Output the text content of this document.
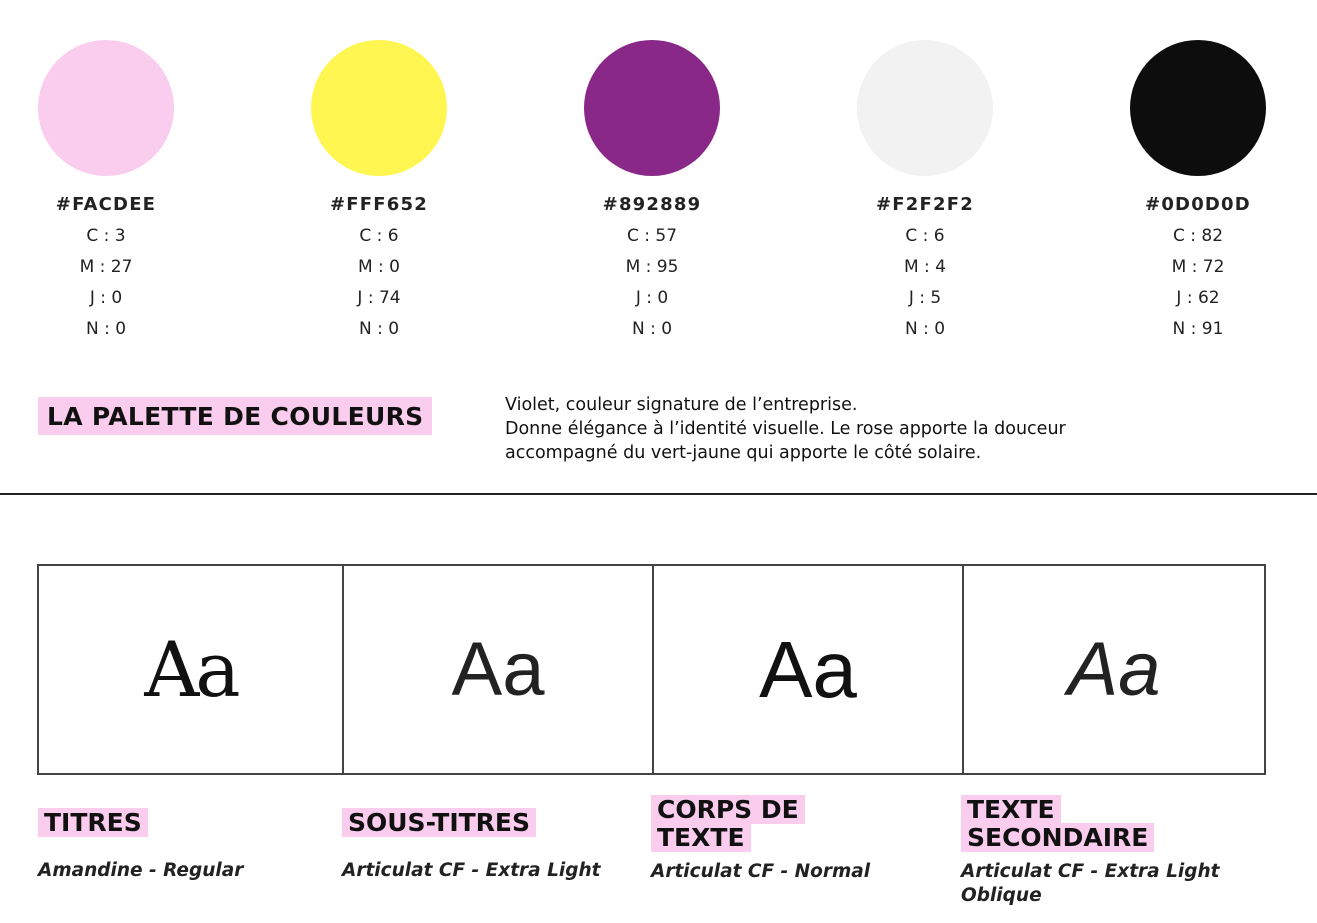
#FACDEE
C : 3
M : 27
J : 0
N : 0
#FFF652
C : 6
M : 0
J : 74
N : 0
#892889
C : 57
M : 95
J : 0
N : 0
#F2F2F2
C : 6
M : 4
J : 5
N : 0
#0D0D0D
C : 82
M : 72
J : 62
N : 91
LA PALETTE DE COULEURS	Violet, couleur signature de l’entreprise.
Donne élégance à l’identité visuelle. Le rose apporte la douceur
accompagné du vert-jaune qui apporte le côté solaire.
Aa	Aa	Aa	Aa
TITRES
Amandine - Regular
SOUS-TITRES
Articulat CF - Extra Light
CORPS DE TEXTE
Articulat CF - Normal
TEXTE SECONDAIRE
Articulat CF - Extra Light Oblique
